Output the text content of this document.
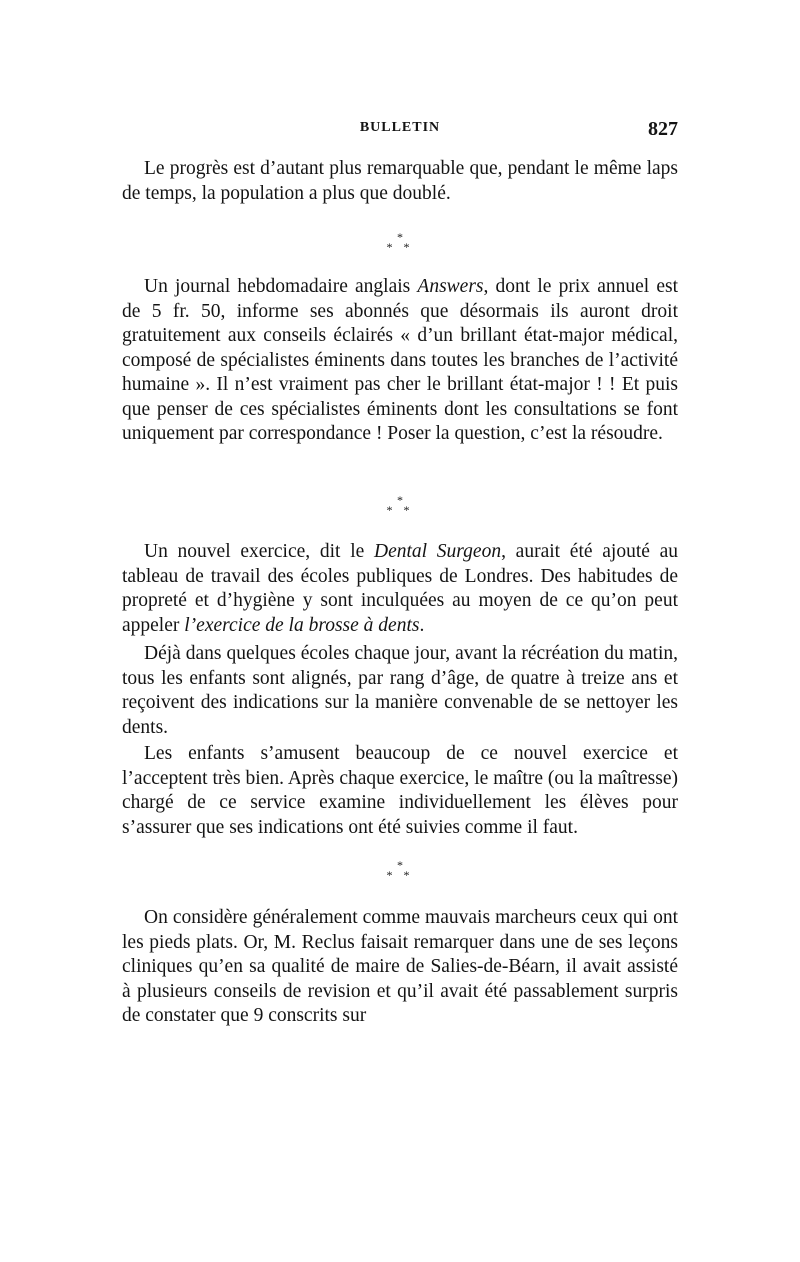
BULLETIN	827

Le progrès est d’autant plus remarquable que, pendant le même laps de temps, la population a plus que doublé.

*
* *

Un journal hebdomadaire anglais Answers, dont le prix annuel est de 5 fr. 50, informe ses abonnés que désormais ils auront droit gratuitement aux conseils éclairés « d’un brillant état-major médical, composé de spécialistes éminents dans toutes les branches de l’activité humaine ». Il n’est vraiment pas cher le brillant état-major ! ! Et puis que penser de ces spécialistes éminents dont les consultations se font uniquement par correspondance ! Poser la question, c’est la résoudre.

*
* *

Un nouvel exercice, dit le Dental Surgeon, aurait été ajouté au tableau de travail des écoles publiques de Londres. Des habitudes de propreté et d’hygiène y sont inculquées au moyen de ce qu’on peut appeler l’exercice de la brosse à dents.

Déjà dans quelques écoles chaque jour, avant la récréation du matin, tous les enfants sont alignés, par rang d’âge, de quatre à treize ans et reçoivent des indications sur la manière convenable de se nettoyer les dents.

Les enfants s’amusent beaucoup de ce nouvel exercice et l’acceptent très bien. Après chaque exercice, le maître (ou la maîtresse) chargé de ce service examine individuellement les élèves pour s’assurer que ses indications ont été suivies comme il faut.

*
* *

On considère généralement comme mauvais marcheurs ceux qui ont les pieds plats. Or, M. Reclus faisait remarquer dans une de ses leçons cliniques qu’en sa qualité de maire de Salies-de-Béarn, il avait assisté à plusieurs conseils de revision et qu’il avait été passablement surpris de constater que 9 conscrits sur
